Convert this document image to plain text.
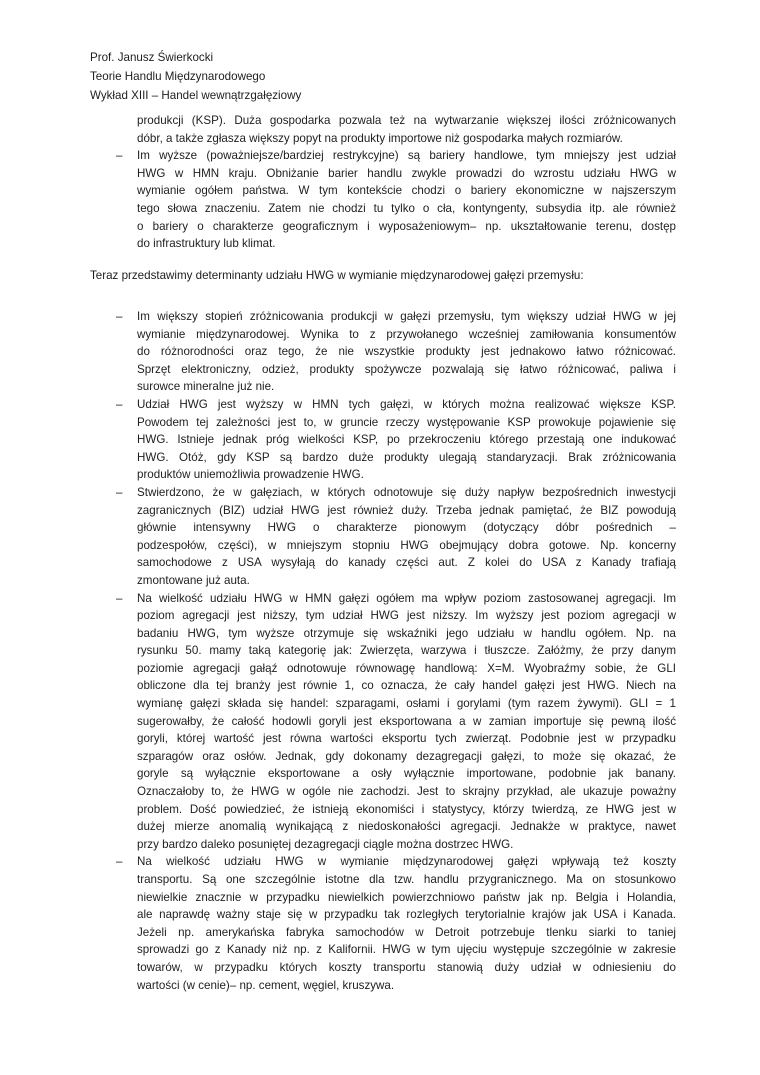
Prof. Janusz Świerkocki
Teorie Handlu Międzynarodowego
Wykład XIII – Handel wewnątrzgałęziowy
produkcji (KSP). Duża gospodarka pozwala też na wytwarzanie większej ilości zróżnicowanych
dóbr, a także zgłasza większy popyt na produkty importowe niż gospodarka małych rozmiarów.
– Im wyższe (poważniejsze/bardziej restrykcyjne) są bariery handlowe, tym mniejszy jest udział
HWG w HMN kraju. Obniżanie barier handlu zwykle prowadzi do wzrostu udziału HWG w
wymianie ogółem państwa. W tym kontekście chodzi o bariery ekonomiczne w najszerszym
tego słowa znaczeniu. Zatem nie chodzi tu tylko o cła, kontyngenty, subsydia itp. ale również
o bariery o charakterze geograficznym i wyposażeniowym– np. ukształtowanie terenu, dostęp
do infrastruktury lub klimat.
Teraz przedstawimy determinanty udziału HWG w wymianie międzynarodowej gałęzi przemysłu:
– Im większy stopień zróżnicowania produkcji w gałęzi przemysłu, tym większy udział HWG w jej
wymianie międzynarodowej. Wynika to z przywołanego wcześniej zamiłowania konsumentów
do różnorodności oraz tego, że nie wszystkie produkty jest jednakowo łatwo różnicować.
Sprzęt elektroniczny, odzież, produkty spożywcze pozwalają się łatwo różnicować, paliwa i
surowce mineralne już nie.
– Udział HWG jest wyższy w HMN tych gałęzi, w których można realizować większe KSP.
Powodem tej zależności jest to, w gruncie rzeczy występowanie KSP prowokuje pojawienie się
HWG. Istnieje jednak próg wielkości KSP, po przekroczeniu którego przestają one indukować
HWG. Otóż, gdy KSP są bardzo duże produkty ulegają standaryzacji. Brak zróżnicowania
produktów uniemożliwia prowadzenie HWG.
– Stwierdzono, że w gałęziach, w których odnotowuje się duży napływ bezpośrednich inwestycji
zagranicznych (BIZ) udział HWG jest również duży. Trzeba jednak pamiętać, że BIZ powodują
głównie intensywny HWG o charakterze pionowym (dotyczący dóbr pośrednich –
podzespołów, części), w mniejszym stopniu HWG obejmujący dobra gotowe. Np. koncerny
samochodowe z USA wysyłają do kanady części aut. Z kolei do USA z Kanady trafiają
zmontowane już auta.
– Na wielkość udziału HWG w HMN gałęzi ogółem ma wpływ poziom zastosowanej agregacji. Im
poziom agregacji jest niższy, tym udział HWG jest niższy. Im wyższy jest poziom agregacji w
badaniu HWG, tym wyższe otrzymuje się wskaźniki jego udziału w handlu ogółem. Np. na
rysunku 50. mamy taką kategorię jak: Zwierzęta, warzywa i tłuszcze. Załóżmy, że przy danym
poziomie agregacji gałąź odnotowuje równowagę handlową: X=M. Wyobraźmy sobie, że GLI
obliczone dla tej branży jest równie 1, co oznacza, że cały handel gałęzi jest HWG. Niech na
wymianę gałęzi składa się handel: szparagami, osłami i gorylami (tym razem żywymi). GLI = 1
sugerowałby, że całość hodowli goryli jest eksportowana a w zamian importuje się pewną ilość
goryli, której wartość jest równa wartości eksportu tych zwierząt. Podobnie jest w przypadku
szparagów oraz osłów. Jednak, gdy dokonamy dezagregacji gałęzi, to może się okazać, że
goryle są wyłącznie eksportowane a osły wyłącznie importowane, podobnie jak banany.
Oznaczałoby to, że HWG w ogóle nie zachodzi. Jest to skrajny przykład, ale ukazuje poważny
problem. Dość powiedzieć, że istnieją ekonomiści i statystycy, którzy twierdzą, ze HWG jest w
dużej mierze anomalią wynikającą z niedoskonałości agregacji. Jednakże w praktyce, nawet
przy bardzo daleko posuniętej dezagregacji ciągle można dostrzec HWG.
– Na wielkość udziału HWG w wymianie międzynarodowej gałęzi wpływają też koszty
transportu. Są one szczególnie istotne dla tzw. handlu przygranicznego. Ma on stosunkowo
niewielkie znacznie w przypadku niewielkich powierzchniowo państw jak np. Belgia i Holandia,
ale naprawdę ważny staje się w przypadku tak rozległych terytorialnie krajów jak USA i Kanada.
Jeżeli np. amerykańska fabryka samochodów w Detroit potrzebuje tlenku siarki to taniej
sprowadzi go z Kanady niż np. z Kalifornii. HWG w tym ujęciu występuje szczególnie w zakresie
towarów, w przypadku których koszty transportu stanowią duży udział w odniesieniu do
wartości (w cenie)– np. cement, węgiel, kruszywa.
